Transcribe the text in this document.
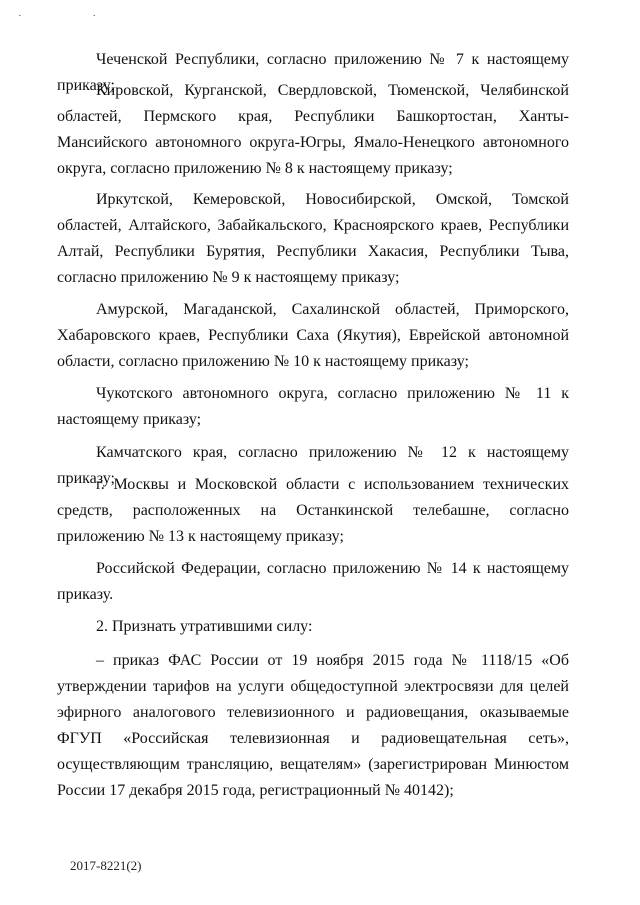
· ·

Чеченской Республики, согласно приложению № 7 к настоящему приказу;

Кировской, Курганской, Свердловской, Тюменской, Челябинской областей, Пермского края, Республики Башкортостан, Ханты-Мансийского автономного округа-Югры, Ямало-Ненецкого автономного округа, согласно приложению № 8 к настоящему приказу;

Иркутской, Кемеровской, Новосибирской, Омской, Томской областей, Алтайского, Забайкальского, Красноярского краев, Республики Алтай, Республики Бурятия, Республики Хакасия, Республики Тыва, согласно приложению № 9 к настоящему приказу;

Амурской, Магаданской, Сахалинской областей, Приморского, Хабаровского краев, Республики Саха (Якутия), Еврейской автономной области, согласно приложению № 10 к настоящему приказу;

Чукотского автономного округа, согласно приложению № 11 к настоящему приказу;

Камчатского края, согласно приложению № 12 к настоящему приказу;

г. Москвы и Московской области с использованием технических средств, расположенных на Останкинской телебашне, согласно приложению № 13 к настоящему приказу;

Российской Федерации, согласно приложению № 14 к настоящему приказу.

2. Признать утратившими силу:

– приказ ФАС России от 19 ноября 2015 года № 1118/15 «Об утверждении тарифов на услуги общедоступной электросвязи для целей эфирного аналогового телевизионного и радиовещания, оказываемые ФГУП «Российская телевизионная и радиовещательная сеть», осуществляющим трансляцию, вещателям» (зарегистрирован Минюстом России 17 декабря 2015 года, регистрационный № 40142);

2017-8221(2)
